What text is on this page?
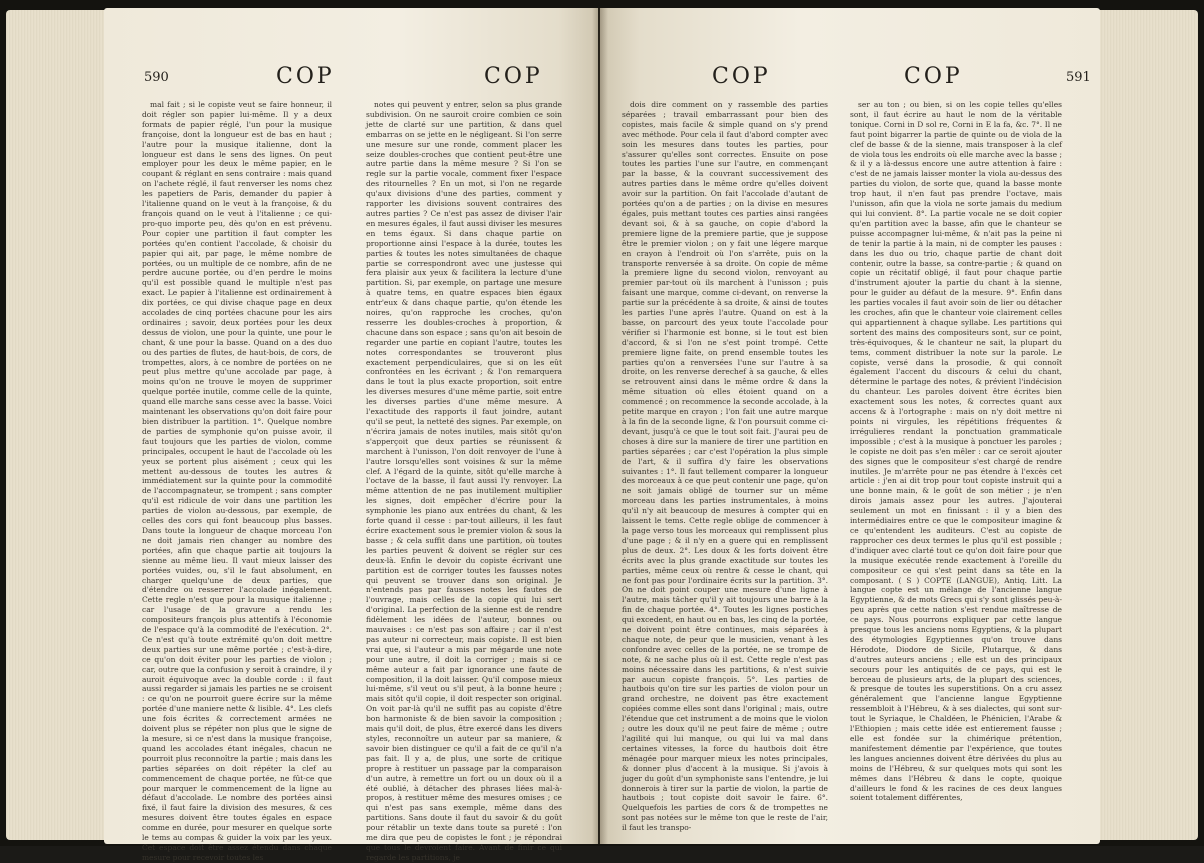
590	COP	COP

mal fait ; si le copiste veut se faire honneur, il doit régler son papier lui-même. Il y a deux formats de papier réglé, l'un pour la musique françoise, dont la longueur est de bas en haut ; l'autre pour la musique italienne, dont la longueur est dans le sens des lignes. On peut employer pour les deux le même papier, en le coupant & réglant en sens contraire : mais quand on l'achete réglé, il faut renverser les noms chez les papetiers de Paris, demander du papier à l'italienne quand on le veut à la françoise, & du françois quand on le veut à l'italienne ; ce qui-pro-quo importe peu, dès qu'on en est prévenu. Pour copier une partition il faut compter les portées qu'en contient l'accolade, & choisir du papier qui ait, par page, le même nombre de portées, ou un multiple de ce nombre, afin de ne perdre aucune portée, ou d'en perdre le moins qu'il est possible quand le multiple n'est pas exact. Le papier à l'italienne est ordinairement à dix portées, ce qui divise chaque page en deux accolades de cinq portées chacune pour les airs ordinaires ; savoir, deux portées pour les deux dessus de violon, une pour la quinte, une pour le chant, & une pour la basse. Quand on a des duo ou des parties de flutes, de haut-bois, de cors, de trompettes, alors, à ce nombre de portées on ne peut plus mettre qu'une accolade par page, à moins qu'on ne trouve le moyen de supprimer quelque portée inutile, comme celle de la quinte, quand elle marche sans cesse avec la basse. Voici maintenant les observations qu'on doit faire pour bien distribuer la partition. 1°. Quelque nombre de parties de symphonie qu'on puisse avoir, il faut toujours que les parties de violon, comme principales, occupent le haut de l'accolade où les yeux se portent plus aisément ; ceux qui les mettent au-dessous de toutes les autres & immédiatement sur la quinte pour la commodité de l'accompagnateur, se trompent ; sans compter qu'il est ridicule de voir dans une partition les parties de violon au-dessous, par exemple, de celles des cors qui font beaucoup plus basses. Dans toute la longueur de chaque morceau l'on ne doit jamais rien changer au nombre des portées, afin que chaque partie ait toujours la sienne au même lieu. Il vaut mieux laisser des portées vuides, ou, s'il le faut absolument, en charger quelqu'une de deux parties, que d'étendre ou resserrer l'accolade inégalement. Cette regle n'est que pour la musique italienne ; car l'usage de la gravure a rendu les compositeurs françois plus attentifs à l'économie de l'espace qu'à la commodité de l'exécution. 2°. Ce n'est qu'à toute extrémité qu'on doit mettre deux parties sur une même portée ; c'est-à-dire, ce qu'on doit éviter pour les parties de violon ; car, outre que la confusion y seroit à craindre, il y auroit équivoque avec la double corde : il faut aussi regarder si jamais les parties ne se croisent : ce qu'on ne pourroit guere écrire sur la même portée d'une maniere nette & lisible. 4°. Les clefs une fois écrites & correctement armées ne doivent plus se répéter non plus que le signe de la mesure, si ce n'est dans la musique françoise, quand les accolades étant inégales, chacun ne pourroit plus reconnoître la partie ; mais dans les parties séparées on doit répéter la clef au commencement de chaque portée, ne fût-ce que pour marquer le commencement de la ligne au défaut d'accolade. Le nombre des portées ainsi fixé, il faut faire la division des mesures, & ces mesures doivent être toutes égales en espace comme en durée, pour mesurer en quelque sorte le tems au compas & guider la voix par les yeux. Cet espace doit être assez étendu dans chaque mesure pour recevoir toutes les

notes qui peuvent y entrer, selon sa plus grande subdivision. On ne sauroit croire combien ce soin jette de clarté sur une partition, & dans quel embarras on se jette en le négligeant. Si l'on serre une mesure sur une ronde, comment placer les seize doubles-croches que contient peut-être une autre partie dans la même mesure ? Si l'on se regle sur la partie vocale, comment fixer l'espace des ritournelles ? En un mot, si l'on ne regarde qu'aux divisions d'une des parties, comment y rapporter les divisions souvent contraires des autres parties ? Ce n'est pas assez de diviser l'air en mesures égales, il faut aussi diviser les mesures en tems égaux. Si dans chaque partie on proportionne ainsi l'espace à la durée, toutes les parties & toutes les notes simultanées de chaque partie se correspondront avec une justesse qui fera plaisir aux yeux & facilitera la lecture d'une partition. Si, par exemple, on partage une mesure à quatre tems, en quatre espaces bien égaux entr'eux & dans chaque partie, qu'on étende les noires, qu'on rapproche les croches, qu'on resserre les doubles-croches à proportion, & chacune dans son espace ; sans qu'on ait besoin de regarder une partie en copiant l'autre, toutes les notes correspondantes se trouveront plus exactement perpendiculaires, que si on les eût confrontées en les écrivant ; & l'on remarquera dans le tout la plus exacte proportion, soit entre les diverses mesures d'une même partie, soit entre les diverses parties d'une même mesure. A l'exactitude des rapports il faut joindre, autant qu'il se peut, la netteté des signes. Par exemple, on n'écrira jamais de notes inutiles, mais sitôt qu'on s'apperçoit que deux parties se réunissent & marchent à l'unisson, l'on doit renvoyer de l'une à l'autre lorsqu'elles sont voisines & sur la même clef. A l'égard de la quinte, sitôt qu'elle marche à l'octave de la basse, il faut aussi l'y renvoyer. La même attention de ne pas inutilement multiplier les signes, doit empêcher d'écrire pour la symphonie les piano aux entrées du chant, & les forte quand il cesse : par-tout ailleurs, il les faut écrire exactement sous le premier violon & sous la basse ; & cela suffit dans une partition, où toutes les parties peuvent & doivent se régler sur ces deux-là. Enfin le devoir du copiste écrivant une partition est de corriger toutes les fausses notes qui peuvent se trouver dans son original. Je n'entends pas par fausses notes les fautes de l'ouvrage, mais celles de la copie qui lui sert d'original. La perfection de la sienne est de rendre fidèlement les idées de l'auteur, bonnes ou mauvaises : ce n'est pas son affaire ; car il n'est pas auteur ni correcteur, mais copiste. Il est bien vrai que, si l'auteur a mis par mégarde une note pour une autre, il doit la corriger ; mais si ce même auteur a fait par ignorance une faute de composition, il la doit laisser. Qu'il compose mieux lui-même, s'il veut ou s'il peut, à la bonne heure ; mais sitôt qu'il copie, il doit respecter son original. On voit par-là qu'il ne suffit pas au copiste d'être bon harmoniste & de bien savoir la composition ; mais qu'il doit, de plus, être exercé dans les divers styles, reconnoître un auteur par sa maniere, & savoir bien distinguer ce qu'il a fait de ce qu'il n'a pas fait. Il y a, de plus, une sorte de critique propre à restituer un passage par la comparaison d'un autre, à remettre un fort ou un doux où il a été oublié, à détacher des phrases liées mal-à-propos, à restituer même des mesures omises ; ce qui n'est pas sans exemple, même dans des partitions. Sans doute il faut du savoir & du goût pour rétablir un texte dans toute sa pureté : l'on me dira que peu de copistes le font ; je répondrai que tous le devroient faire. Avant de finir ce qui regarde les partitions, je

COP	COP	591

dois dire comment on y rassemble des parties séparées ; travail embarrassant pour bien des copistes, mais facile & simple quand on s'y prend avec méthode. Pour cela il faut d'abord compter avec soin les mesures dans toutes les parties, pour s'assurer qu'elles sont correctes. Ensuite on pose toutes les parties l'une sur l'autre, en commençant par la basse, & la couvrant successivement des autres parties dans le même ordre qu'elles doivent avoir sur la partition. On fait l'accolade d'autant de portées qu'on a de parties ; on la divise en mesures égales, puis mettant toutes ces parties ainsi rangées devant soi, & à sa gauche, on copie d'abord la premiere ligne de la premiere partie, que je suppose être le premier violon ; on y fait une légere marque en crayon à l'endroit où l'on s'arrête, puis on la transporte renversée à sa droite. On copie de même la premiere ligne du second violon, renvoyant au premier par-tout où ils marchent à l'unisson ; puis faisant une marque, comme ci-devant, on renverse la partie sur la précédente à sa droite, & ainsi de toutes les parties l'une après l'autre. Quand on est à la basse, on parcourt des yeux toute l'accolade pour vérifier si l'harmonie est bonne, si le tout est bien d'accord, & si l'on ne s'est point trompé. Cette premiere ligne faite, on prend ensemble toutes les parties qu'on a renversées l'une sur l'autre à sa droite, on les renverse derechef à sa gauche, & elles se retrouvent ainsi dans le même ordre & dans la même situation où elles étoient quand on a commencé ; on recommence la seconde accolade, à la petite marque en crayon ; l'on fait une autre marque à la fin de la seconde ligne, & l'on poursuit comme ci-devant, jusqu'à ce que le tout soit fait. J'aurai peu de choses à dire sur la maniere de tirer une partition en parties séparées ; car c'est l'opération la plus simple de l'art, & il suffira d'y faire les observations suivantes : 1°. Il faut tellement comparer la longueur des morceaux à ce que peut contenir une page, qu'on ne soit jamais obligé de tourner sur un même morceau dans les parties instrumentales, à moins qu'il n'y ait beaucoup de mesures à compter qui en laissent le tems. Cette regle oblige de commencer à la page verso tous les morceaux qui remplissent plus d'une page ; & il n'y en a guere qui en remplissent plus de deux. 2°. Les doux & les forts doivent être écrits avec la plus grande exactitude sur toutes les parties, même ceux où rentre & cesse le chant, qui ne font pas pour l'ordinaire écrits sur la partition. 3°. On ne doit point couper une mesure d'une ligne à l'autre, mais tâcher qu'il y ait toujours une barre à la fin de chaque portée. 4°. Toutes les lignes postiches qui excedent, en haut ou en bas, les cinq de la portée, ne doivent point être continues, mais séparées à chaque note, de peur que le musicien, venant à les confondre avec celles de la portée, ne se trompe de note, & ne sache plus où il est. Cette regle n'est pas moins nécessaire dans les partitions, & n'est suivie par aucun copiste françois. 5°. Les parties de hautbois qu'on tire sur les parties de violon pour un grand orchestre, ne doivent pas être exactement copiées comme elles sont dans l'original ; mais, outre l'étendue que cet instrument a de moins que le violon ; outre les doux qu'il ne peut faire de même ; outre l'agilité qui lui manque, ou qui lui va mal dans certaines vitesses, la force du hautbois doit être ménagée pour marquer mieux les notes principales, & donner plus d'accent à la musique. Si j'avois à juger du goût d'un symphoniste sans l'entendre, je lui donnerois à tirer sur la partie de violon, la partie de hautbois ; tout copiste doit savoir le faire. 6°. Quelquefois les parties de cors & de trompettes ne sont pas notées sur le même ton que le reste de l'air, il faut les transpo-

ser au ton ; ou bien, si on les copie telles qu'elles sont, il faut écrire au haut le nom de la véritable tonique. Corni in D sol re, Corni in E la fa, &c. 7°. Il ne faut point bigarrer la partie de quinte ou de viola de la clef de basse & de la sienne, mais transposer à la clef de viola tous les endroits où elle marche avec la basse ; & il y a là-dessus encore une autre attention à faire : c'est de ne jamais laisser monter la viola au-dessus des parties du violon, de sorte que, quand la basse monte trop haut, il n'en faut pas prendre l'octave, mais l'unisson, afin que la viola ne sorte jamais du medium qui lui convient. 8°. La partie vocale ne se doit copier qu'en partition avec la basse, afin que le chanteur se puisse accompagner lui-même, & n'ait pas la peine ni de tenir la partie à la main, ni de compter les pauses : dans les duo ou trio, chaque partie de chant doit contenir, outre la basse, sa contre-partie ; & quand on copie un récitatif obligé, il faut pour chaque partie d'instrument ajouter la partie du chant à la sienne, pour le guider au défaut de la mesure. 9°. Enfin dans les parties vocales il faut avoir soin de lier ou détacher les croches, afin que le chanteur voie clairement celles qui appartiennent à chaque syllabe. Les partitions qui sortent des mains des compositeurs sont, sur ce point, très-équivoques, & le chanteur ne sait, la plupart du tems, comment distribuer la note sur la parole. Le copiste, versé dans la prosodie, & qui connoît également l'accent du discours & celui du chant, détermine le partage des notes, & prévient l'indécision du chanteur. Les paroles doivent être écrites bien exactement sous les notes, & correctes quant aux accens & à l'ortographe : mais on n'y doit mettre ni points ni virgules, les répétitions fréquentes & irrégulieres rendant la ponctuation grammaticale impossible ; c'est à la musique à ponctuer les paroles ; le copiste ne doit pas s'en mêler : car ce seroit ajouter des signes que le compositeur s'est chargé de rendre inutiles. Je m'arrête pour ne pas étendre à l'excès cet article : j'en ai dit trop pour tout copiste instruit qui a une bonne main, & le goût de son métier ; je n'en dirois jamais assez pour les autres. J'ajouterai seulement un mot en finissant : il y a bien des intermédiaires entre ce que le compositeur imagine & ce qu'entendent les auditeurs. C'est au copiste de rapprocher ces deux termes le plus qu'il est possible ; d'indiquer avec clarté tout ce qu'on doit faire pour que la musique exécutée rende exactement à l'oreille du compositeur ce qui s'est peint dans sa tête en la composant. ( S ) COPTE (LANGUE), Antiq. Litt. La langue copte est un mélange de l'ancienne langue Egyptienne, & de mots Grecs qui s'y sont glissés peu-à-peu après que cette nation s'est rendue maîtresse de ce pays. Nous pourrons expliquer par cette langue presque tous les anciens noms Egyptiens, & la plupart des étymologies Egyptiennes qu'on trouve dans Hérodote, Diodore de Sicile, Plutarque, & dans d'autres auteurs anciens ; elle est un des principaux secours pour les antiquités de ce pays, qui est le berceau de plusieurs arts, de la plupart des sciences, & presque de toutes les superstitions. On a cru assez généralement que l'ancienne langue Egyptienne ressembloit à l'Hébreu, & à ses dialectes, qui sont sur-tout le Syriaque, le Chaldéen, le Phénicien, l'Arabe & l'Ethiopien ; mais cette idée est entierement fausse ; elle est fondée sur la chimérique prétention, manifestement démentie par l'expérience, que toutes les langues anciennes doivent être dérivées du plus au moins de l'Hébreu, & sur quelques mots qui sont les mêmes dans l'Hébreu & dans le copte, quoique d'ailleurs le fond & les racines de ces deux langues soient totalement différentes,
